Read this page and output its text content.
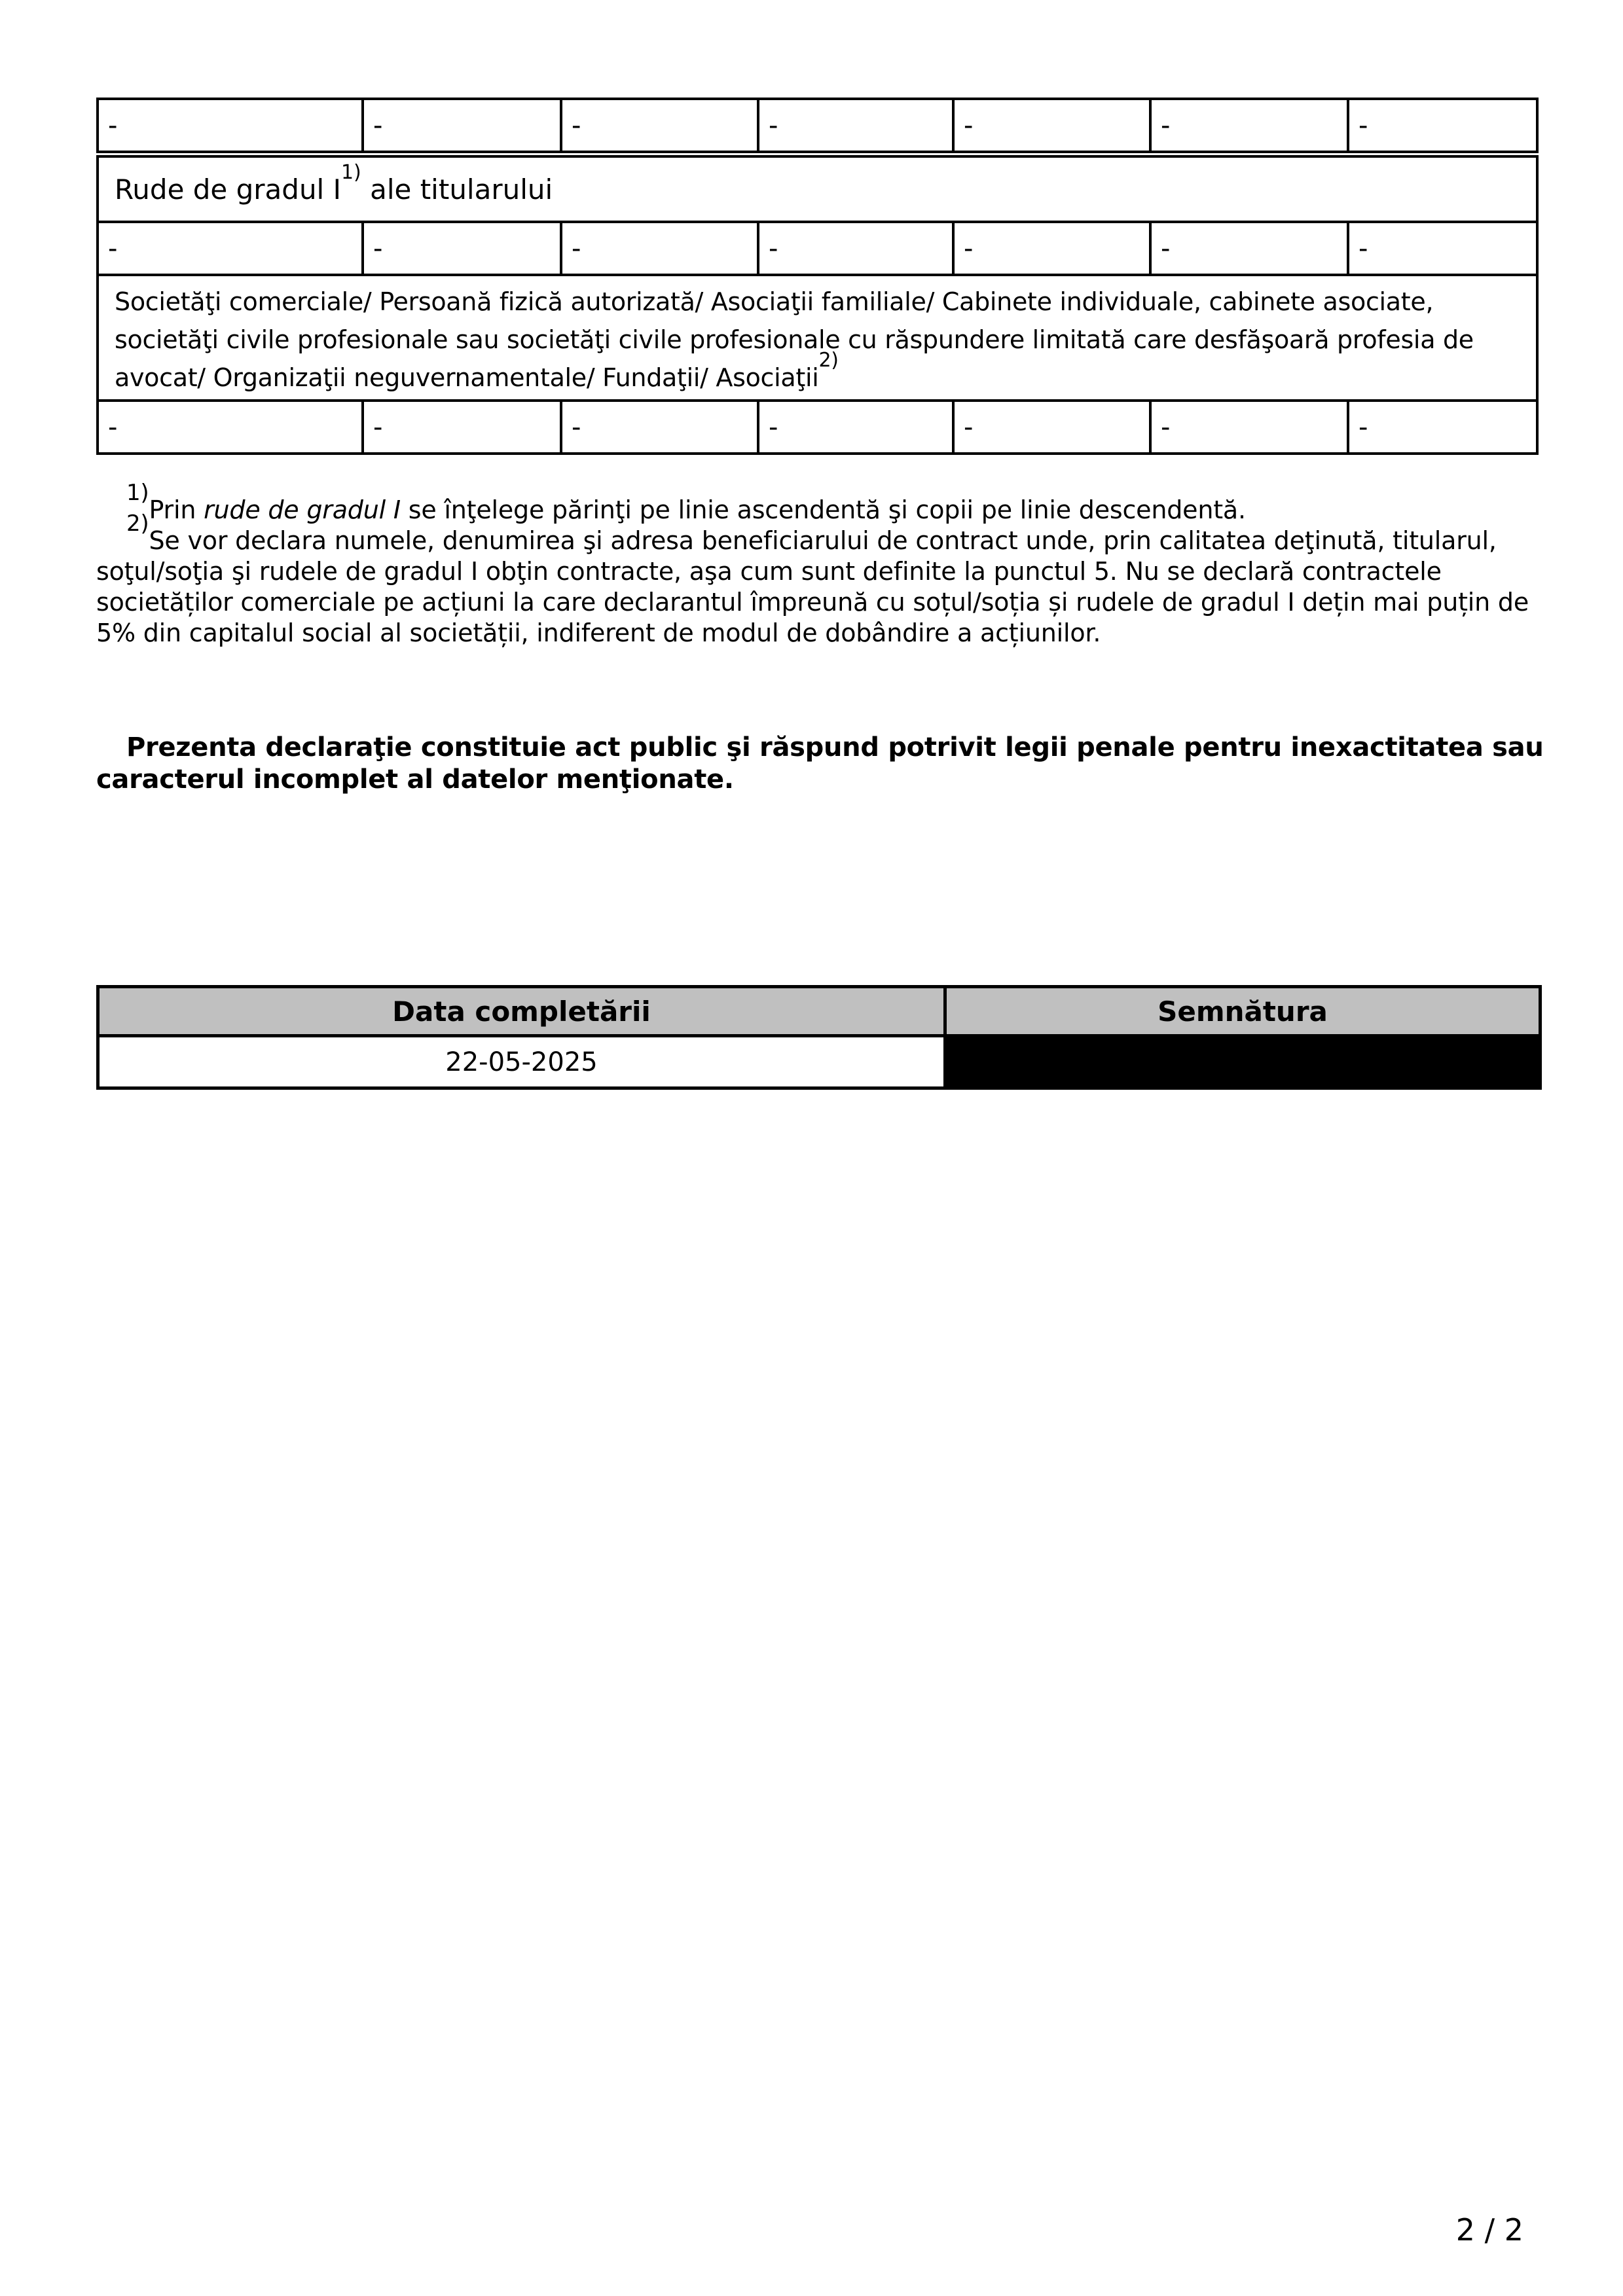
-	-	-	-	-	-	-
Rude de gradul $I^{1)}$ ale titularului
-	-	-	-	-	-	-
Societăţi comerciale/ Persoană fizică autorizată/ Asociaţii familiale/ Cabinete individuale, cabinete asociate, societăţi civile profesionale sau societăţi civile profesionale cu răspundere limitată care desfăşoară profesia de avocat/ Organizaţii neguvernamentale/ Fundaţii/ Asociaţii$^{2)}$
-	-	-	-	-	-	-

$^{1)}$Prin rude de gradul I se înţelege părinţi pe linie ascendentă şi copii pe linie descendentă.

$^{2)}$Se vor declara numele, denumirea şi adresa beneficiarului de contract unde, prin calitatea deţinută, titularul, soţul/soţia şi rudele de gradul I obţin contracte, aşa cum sunt definite la punctul 5. Nu se declară contractele societăților comerciale pe acțiuni la care declarantul împreună cu soțul/soția și rudele de gradul I dețin mai puțin de 5% din capitalul social al societății, indiferent de modul de dobândire a acțiunilor.

Prezenta declaraţie constituie act public şi răspund potrivit legii penale pentru inexactitatea sau caracterul incomplet al datelor menţionate.

Data completării	Semnătura
22-05-2025	
2 / 2
